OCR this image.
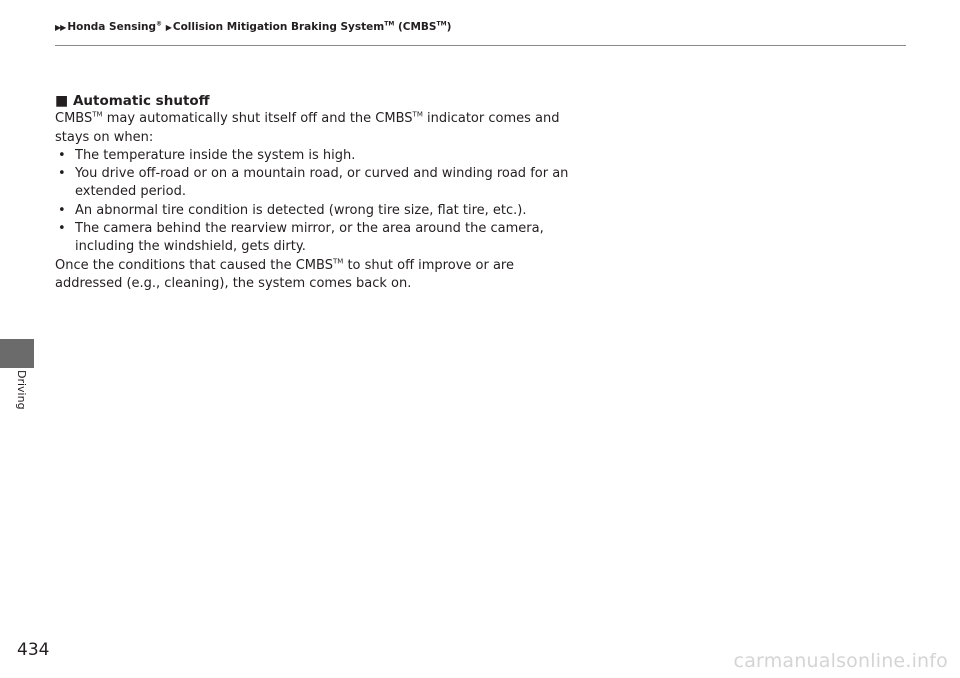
▶▶ Honda Sensing® ▶ Collision Mitigation Braking System™ (CMBS™)
Driving

■ Automatic shutoff

CMBS™ may automatically shut itself off and the CMBS™ indicator comes and stays on when:

• The temperature inside the system is high.
• You drive off-road or on a mountain road, or curved and winding road for an extended period.
• An abnormal tire condition is detected (wrong tire size, flat tire, etc.).
• The camera behind the rearview mirror, or the area around the camera, including the windshield, gets dirty.

Once the conditions that caused the CMBS™ to shut off improve or are addressed (e.g., cleaning), the system comes back on.

434	carmanualsonline.info
